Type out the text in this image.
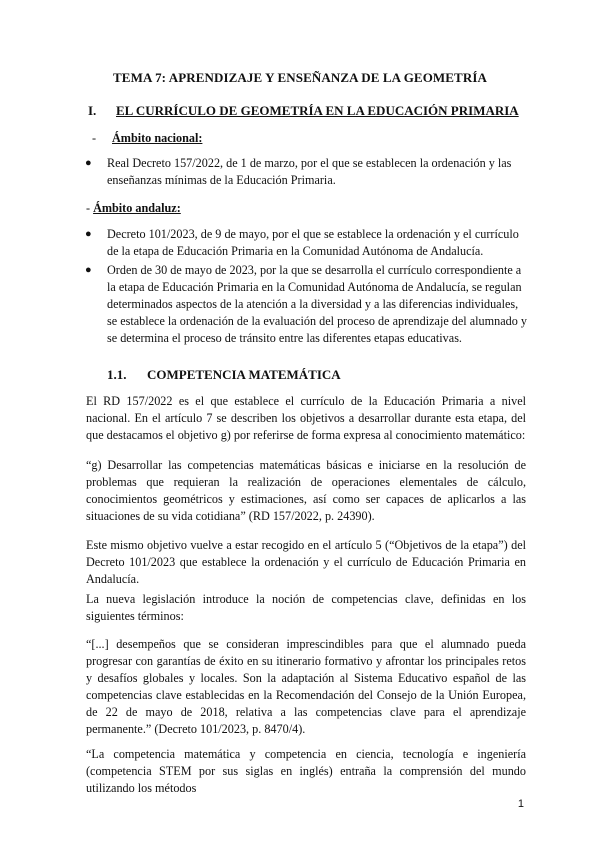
TEMA 7: APRENDIZAJE Y ENSEÑANZA DE LA GEOMETRÍA
I. EL CURRÍCULO DE GEOMETRÍA EN LA EDUCACIÓN PRIMARIA
- Ámbito nacional:
● Real Decreto 157/2022, de 1 de marzo, por el que se establecen la ordenación y las enseñanzas mínimas de la Educación Primaria.
- Ámbito andaluz:
● Decreto 101/2023, de 9 de mayo, por el que se establece la ordenación y el currículo de la etapa de Educación Primaria en la Comunidad Autónoma de Andalucía.
● Orden de 30 de mayo de 2023, por la que se desarrolla el currículo correspondiente a la etapa de Educación Primaria en la Comunidad Autónoma de Andalucía, se regulan determinados aspectos de la atención a la diversidad y a las diferencias individuales, se establece la ordenación de la evaluación del proceso de aprendizaje del alumnado y se determina el proceso de tránsito entre las diferentes etapas educativas.
1.1. COMPETENCIA MATEMÁTICA
El RD 157/2022 es el que establece el currículo de la Educación Primaria a nivel nacional. En el artículo 7 se describen los objetivos a desarrollar durante esta etapa, del que destacamos el objetivo g) por referirse de forma expresa al conocimiento matemático:
“g) Desarrollar las competencias matemáticas básicas e iniciarse en la resolución de problemas que requieran la realización de operaciones elementales de cálculo, conocimientos geométricos y estimaciones, así como ser capaces de aplicarlos a las situaciones de su vida cotidiana” (RD 157/2022, p. 24390).
Este mismo objetivo vuelve a estar recogido en el artículo 5 (“Objetivos de la etapa”) del Decreto 101/2023 que establece la ordenación y el currículo de Educación Primaria en Andalucía.
La nueva legislación introduce la noción de competencias clave, definidas en los siguientes términos:
“[...] desempeños que se consideran imprescindibles para que el alumnado pueda progresar con garantías de éxito en su itinerario formativo y afrontar los principales retos y desafíos globales y locales. Son la adaptación al Sistema Educativo español de las competencias clave establecidas en la Recomendación del Consejo de la Unión Europea, de 22 de mayo de 2018, relativa a las competencias clave para el aprendizaje permanente.” (Decreto 101/2023, p. 8470/4).
“La competencia matemática y competencia en ciencia, tecnología e ingeniería (competencia STEM por sus siglas en inglés) entraña la comprensión del mundo utilizando los métodos
1
